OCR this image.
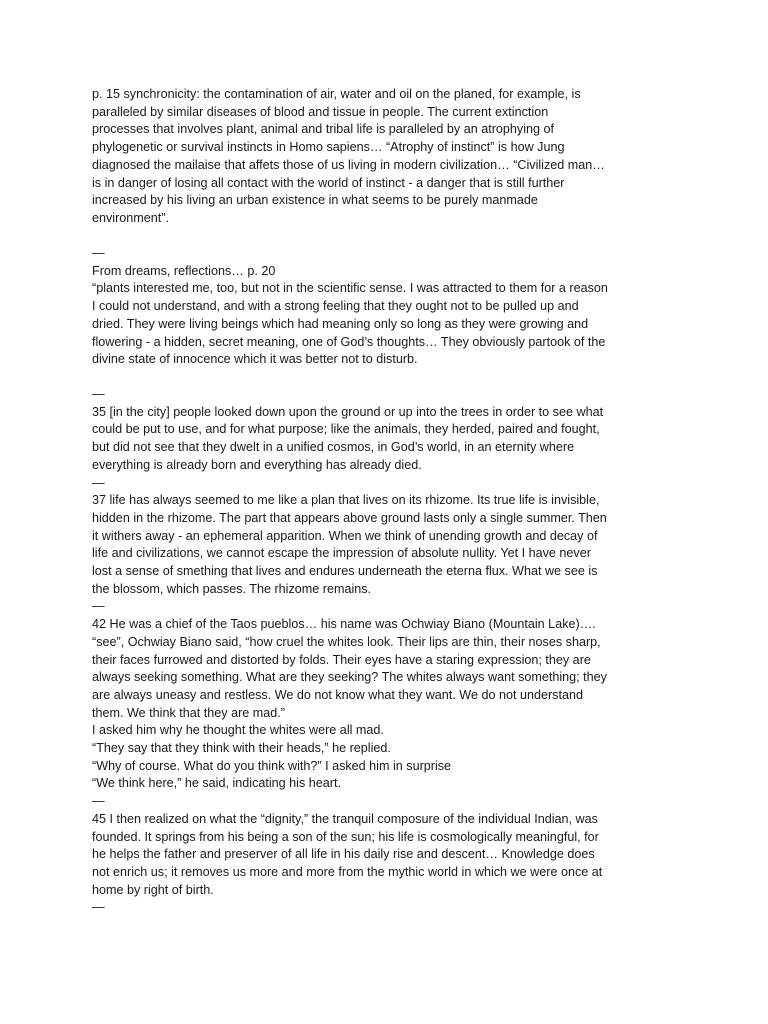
p. 15 synchronicity: the contamination of air, water and oil on the planed, for example, is
paralleled by similar diseases of blood and tissue in people. The current extinction
processes that involves plant, animal and tribal life is paralleled by an atrophying of
phylogenetic or survival instincts in Homo sapiens… “Atrophy of instinct” is how Jung
diagnosed the mailaise that affets those of us living in modern civilization… “Civilized man…
is in danger of losing all contact with the world of instinct - a danger that is still further
increased by his living an urban existence in what seems to be purely manmade
environment”.
—
From dreams, reflections… p. 20
“plants interested me, too, but not in the scientific sense. I was attracted to them for a reason
I could not understand, and with a strong feeling that they ought not to be pulled up and
dried. They were living beings which had meaning only so long as they were growing and
flowering - a hidden, secret meaning, one of God’s thoughts… They obviously partook of the
divine state of innocence which it was better not to disturb.
—
35 [in the city] people looked down upon the ground or up into the trees in order to see what
could be put to use, and for what purpose; like the animals, they herded, paired and fought,
but did not see that they dwelt in a unified cosmos, in God’s world, in an eternity where
everything is already born and everything has already died.
—
37 life has always seemed to me like a plan that lives on its rhizome. Its true life is invisible,
hidden in the rhizome. The part that appears above ground lasts only a single summer. Then
it withers away - an ephemeral apparition. When we think of unending growth and decay of
life and civilizations, we cannot escape the impression of absolute nullity. Yet I have never
lost a sense of smething that lives and endures underneath the eterna flux. What we see is
the blossom, which passes. The rhizome remains.
—
42 He was a chief of the Taos pueblos… his name was Ochwiay Biano (Mountain Lake)….
“see”, Ochwiay Biano said, “how cruel the whites look. Their lips are thin, their noses sharp,
their faces furrowed and distorted by folds. Their eyes have a staring expression; they are
always seeking something. What are they seeking? The whites always want something; they
are always uneasy and restless. We do not know what they want. We do not understand
them. We think that they are mad.”
I asked him why he thought the whites were all mad.
“They say that they think with their heads,” he replied.
“Why of course. What do you think with?” I asked him in surprise
“We think here,” he said, indicating his heart.
—
45 I then realized on what the “dignity,” the tranquil composure of the individual Indian, was
founded. It springs from his being a son of the sun; his life is cosmologically meaningful, for
he helps the father and preserver of all life in his daily rise and descent… Knowledge does
not enrich us; it removes us more and more from the mythic world in which we were once at
home by right of birth.
—
